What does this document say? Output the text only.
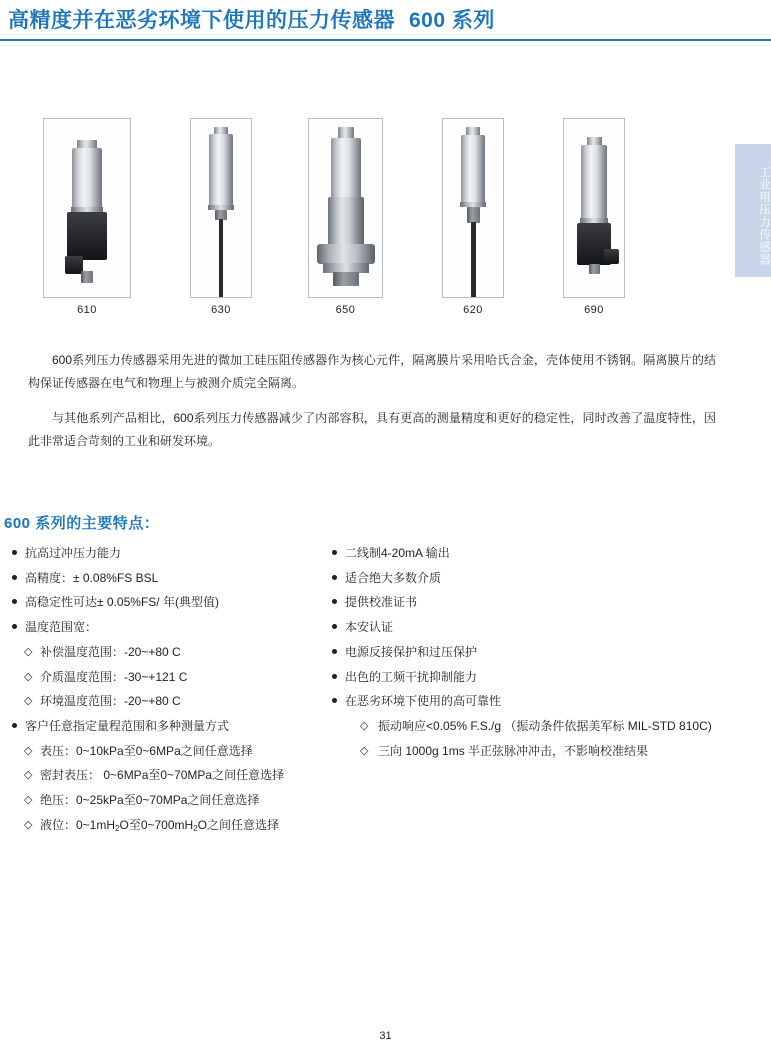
高精度并在恶劣环境下使用的压力传感器 600 系列
工业用压力传感器
610	630	650	620	690
600系列压力传感器采用先进的微加工硅压阻传感器作为核心元件，隔离膜片采用哈氏合金，壳体使用不锈钢。隔离膜片的结构保证传感器在电气和物理上与被测介质完全隔离。
与其他系列产品相比，600系列压力传感器减少了内部容积，具有更高的测量精度和更好的稳定性，同时改善了温度特性，因此非常适合苛刻的工业和研发环境。
600 系列的主要特点：
抗高过冲压力能力
高精度：± 0.08%FS BSL
高稳定性可达± 0.05%FS/ 年(典型值)
温度范围宽：
◇ 补偿温度范围：-20~+80 C
◇ 介质温度范围：-30~+121 C
◇ 环境温度范围：-20~+80 C
客户任意指定量程范围和多种测量方式
◇ 表压：0~10kPa至0~6MPa之间任意选择
◇ 密封表压： 0~6MPa至0~70MPa之间任意选择
◇ 绝压：0~25kPa至0~70MPa之间任意选择
◇ 液位：$0\sim 1mH_2O$至$0\sim 700mH_2O$之间任意选择
二线制4-20mA 输出
适合绝大多数介质
提供校准证书
本安认证
电源反接保护和过压保护
出色的工频干扰抑制能力
在恶劣环境下使用的高可靠性
◇ 振动响应<0.05% F.S./g （振动条件依据美军标 MIL-STD 810C)
◇ 三向 1000g 1ms 半正弦脉冲冲击，不影响校准结果
31
